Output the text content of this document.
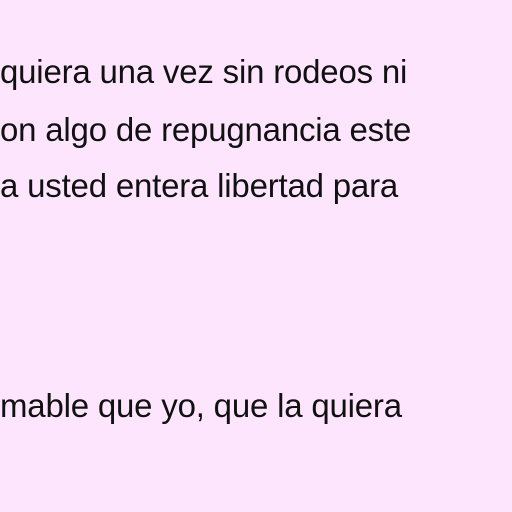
quiera una vez sin rodeos ni
on algo de repugnancia este
a usted entera libertad para
mable que yo, que la quiera
